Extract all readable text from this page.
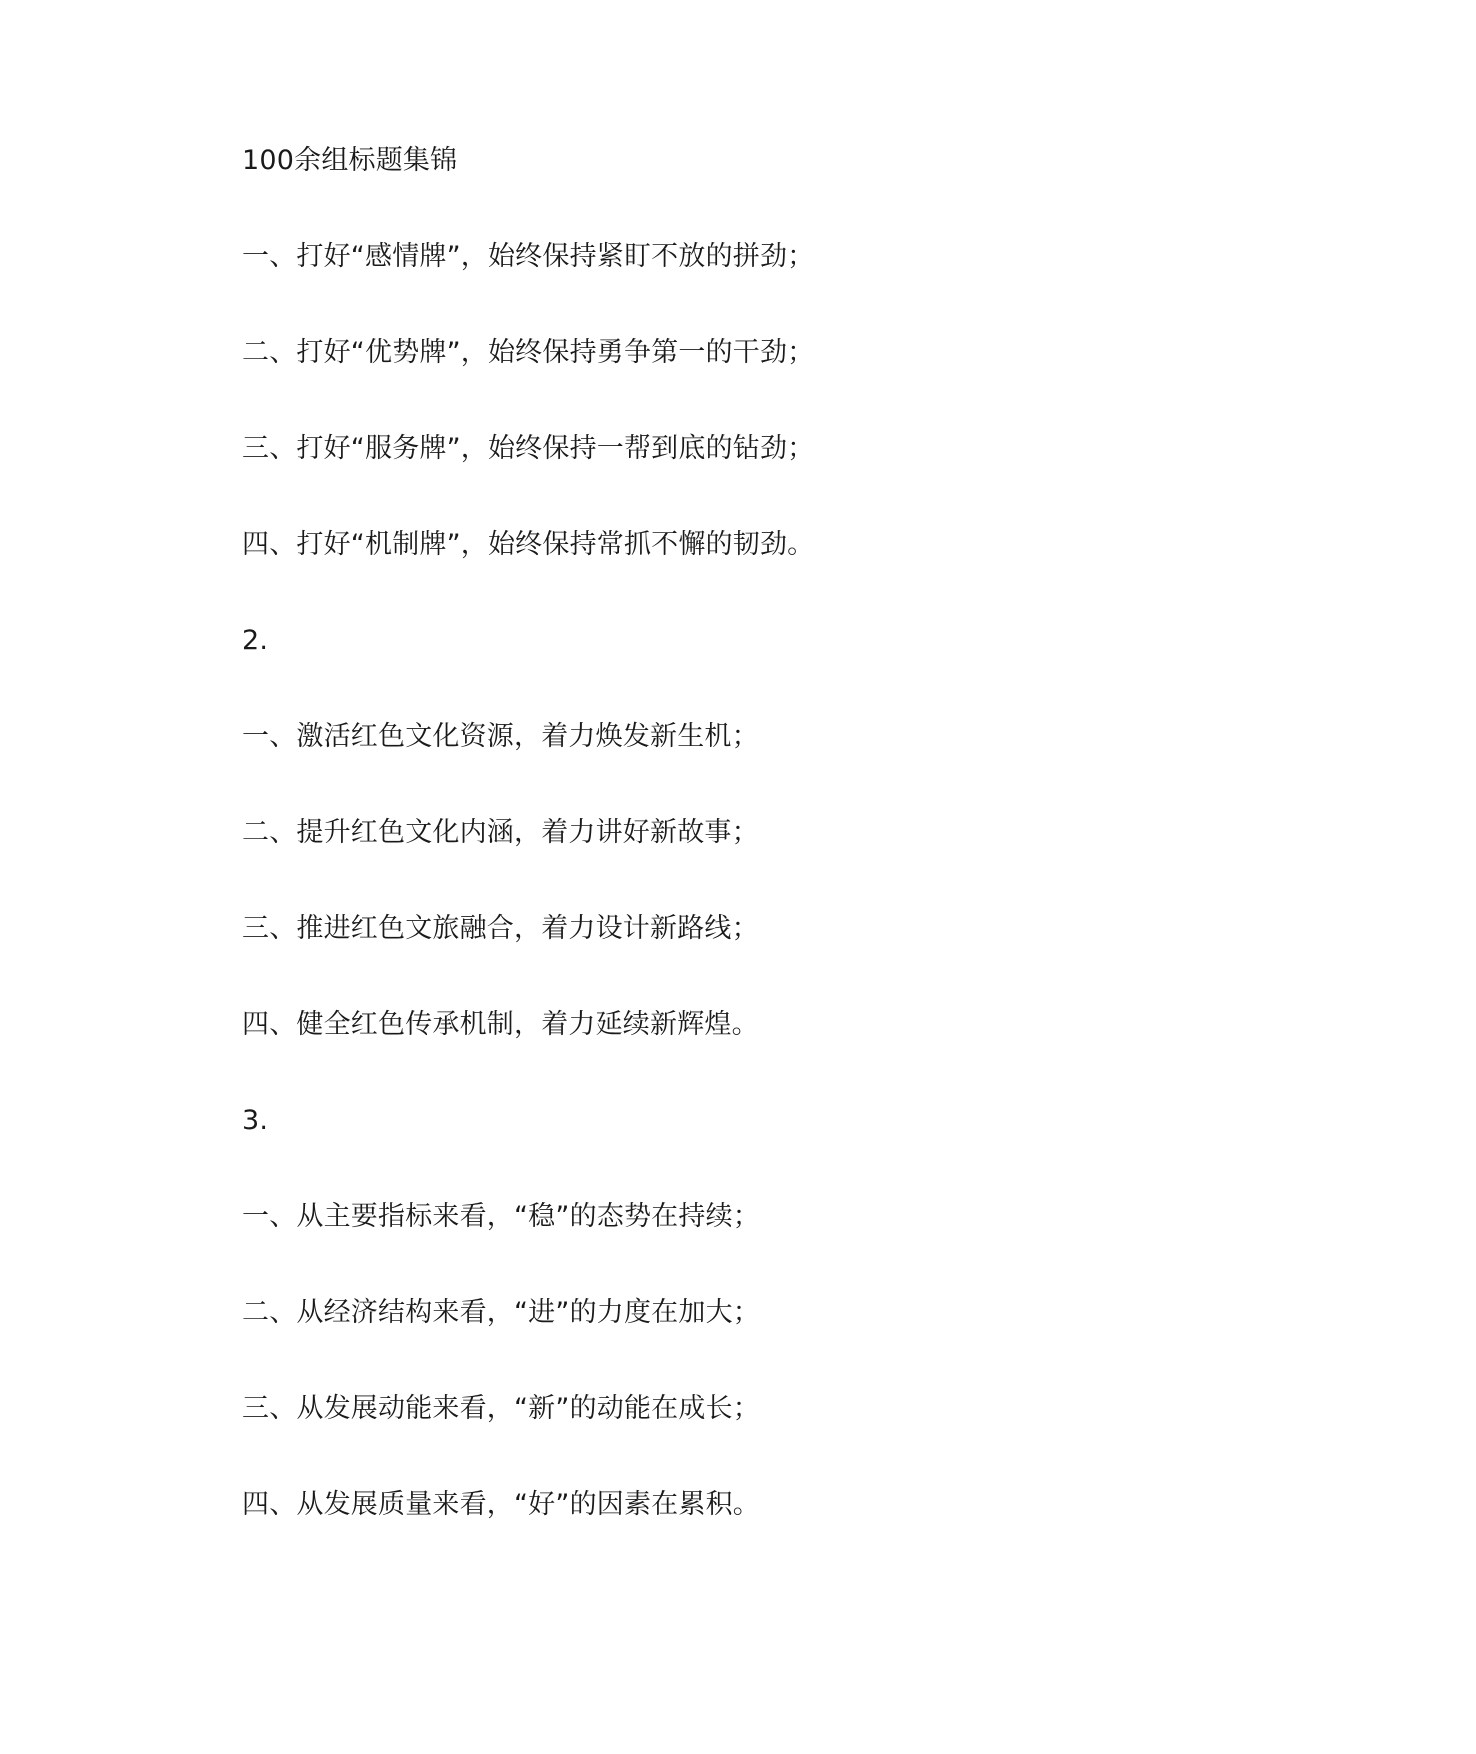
100余组标题集锦
一、打好“感情牌”，始终保持紧盯不放的拼劲；
二、打好“优势牌”，始终保持勇争第一的干劲；
三、打好“服务牌”，始终保持一帮到底的钻劲；
四、打好“机制牌”，始终保持常抓不懈的韧劲。
2.
一、激活红色文化资源，着力焕发新生机；
二、提升红色文化内涵，着力讲好新故事；
三、推进红色文旅融合，着力设计新路线；
四、健全红色传承机制，着力延续新辉煌。
3.
一、从主要指标来看，“稳”的态势在持续；
二、从经济结构来看，“进”的力度在加大；
三、从发展动能来看，“新”的动能在成长；
四、从发展质量来看，“好”的因素在累积。
